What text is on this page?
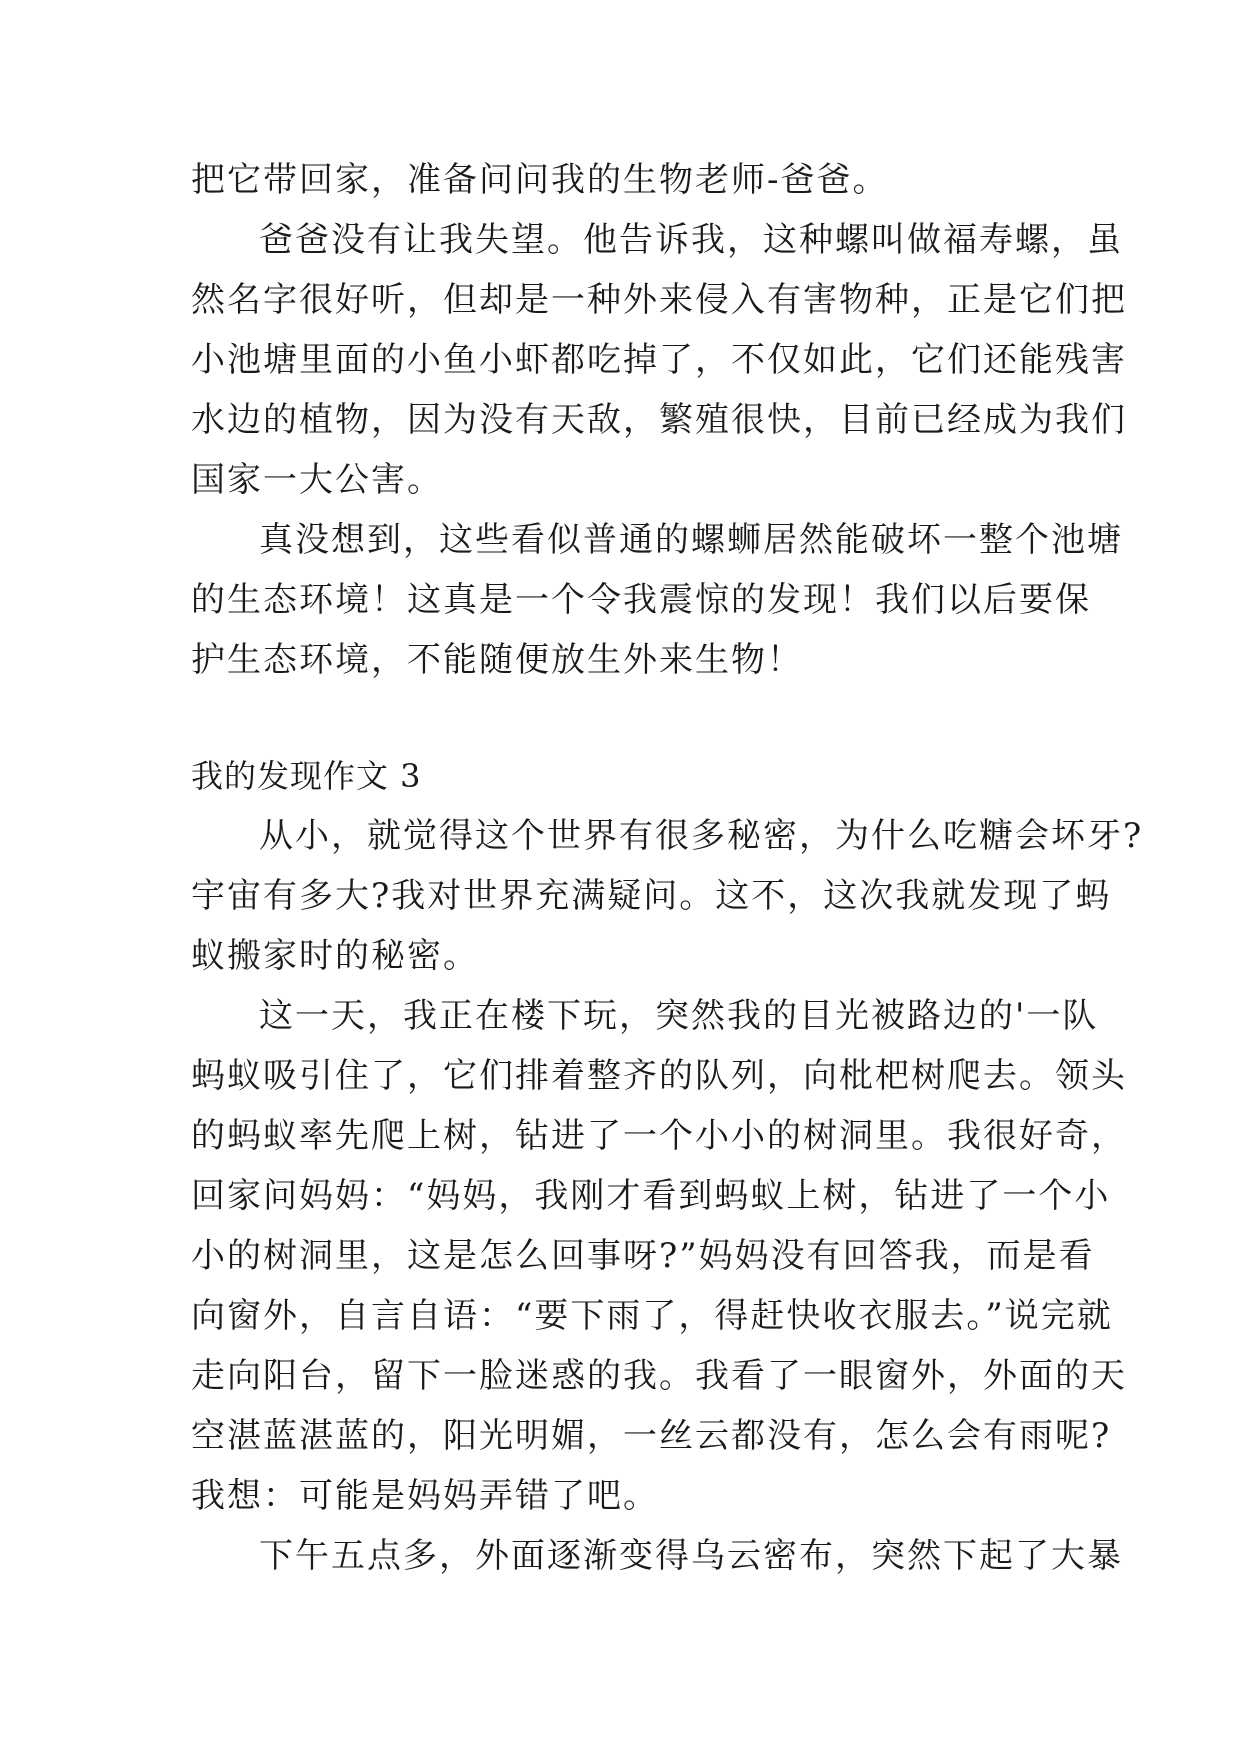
把它带回家，准备问问我的生物老师-爸爸。
爸爸没有让我失望。他告诉我，这种螺叫做福寿螺，虽
然名字很好听，但却是一种外来侵入有害物种，正是它们把
小池塘里面的小鱼小虾都吃掉了，不仅如此，它们还能残害
水边的植物，因为没有天敌，繁殖很快，目前已经成为我们
国家一大公害。
真没想到，这些看似普通的螺蛳居然能破坏一整个池塘
的生态环境！这真是一个令我震惊的发现！我们以后要保
护生态环境，不能随便放生外来生物！
我的发现作文 3
从小，就觉得这个世界有很多秘密，为什么吃糖会坏牙?
宇宙有多大?我对世界充满疑问。这不，这次我就发现了蚂
蚁搬家时的秘密。
这一天，我正在楼下玩，突然我的目光被路边的'一队
蚂蚁吸引住了，它们排着整齐的队列，向枇杷树爬去。领头
的蚂蚁率先爬上树，钻进了一个小小的树洞里。我很好奇，
回家问妈妈：“妈妈，我刚才看到蚂蚁上树，钻进了一个小
小的树洞里，这是怎么回事呀?”妈妈没有回答我，而是看
向窗外，自言自语：“要下雨了，得赶快收衣服去。”说完就
走向阳台，留下一脸迷惑的我。我看了一眼窗外，外面的天
空湛蓝湛蓝的，阳光明媚，一丝云都没有，怎么会有雨呢?
我想：可能是妈妈弄错了吧。
下午五点多，外面逐渐变得乌云密布，突然下起了大暴
